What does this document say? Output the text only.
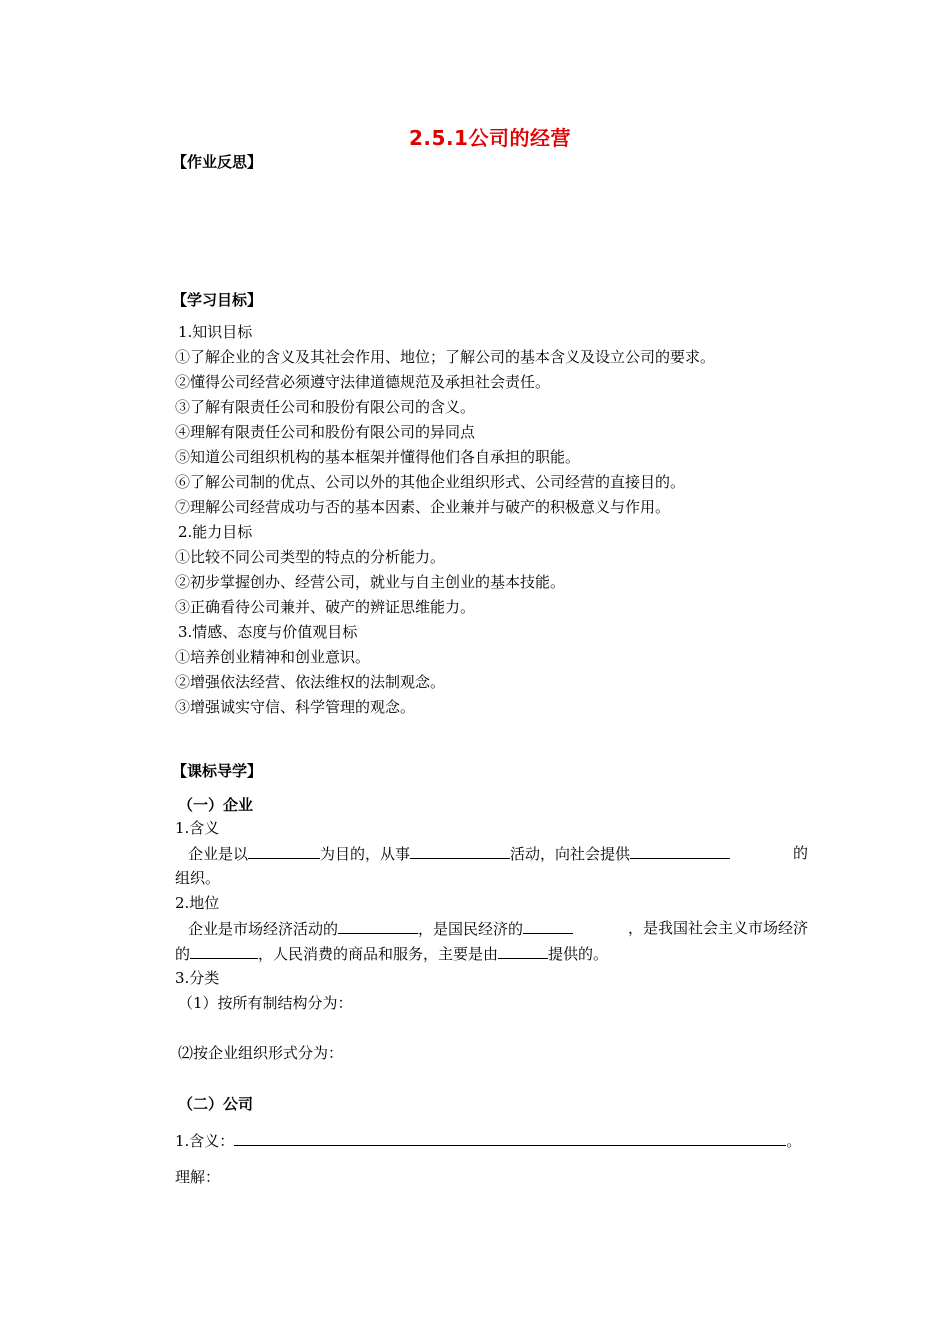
2.5.1公司的经营
【作业反思】
【学习目标】
1.知识目标
①了解企业的含义及其社会作用、地位；了解公司的基本含义及设立公司的要求。
②懂得公司经营必须遵守法律道德规范及承担社会责任。
③了解有限责任公司和股份有限公司的含义。
④理解有限责任公司和股份有限公司的异同点
⑤知道公司组织机构的基本框架并懂得他们各自承担的职能。
⑥了解公司制的优点、公司以外的其他企业组织形式、公司经营的直接目的。
⑦理解公司经营成功与否的基本因素、企业兼并与破产的积极意义与作用。
2.能力目标
①比较不同公司类型的特点的分析能力。
②初步掌握创办、经营公司，就业与自主创业的基本技能。
③正确看待公司兼并、破产的辨证思维能力。
3.情感、态度与价值观目标
①培养创业精神和创业意识。
②增强依法经营、依法维权的法制观念。
③增强诚实守信、科学管理的观念。
【课标导学】
（一）企业
1.含义
企业是以	为目的，从事	活动，向社会提供	的
组织。
2.地位
企业是市场经济活动的	，是国民经济的	，是我国社会主义市场经济
的	，人民消费的商品和服务，主要是由	提供的。
3.分类
（1）按所有制结构分为：
⑵按企业组织形式分为：
（二）公司
1.含义：	。
理解：
